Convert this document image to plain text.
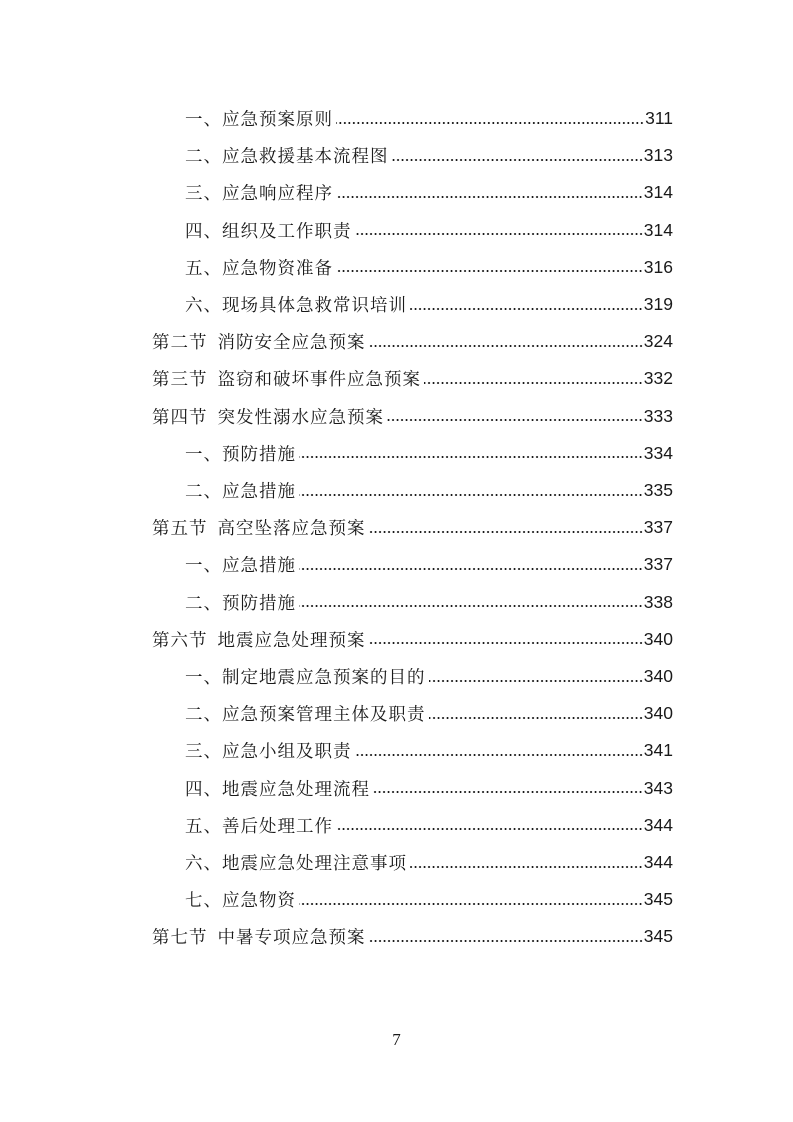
一、应急预案原则	311
二、应急救援基本流程图	313
三、应急响应程序	314
四、组织及工作职责	314
五、应急物资准备	316
六、现场具体急救常识培训	319
第二节 消防安全应急预案	324
第三节 盗窃和破坏事件应急预案	332
第四节 突发性溺水应急预案	333
一、预防措施	334
二、应急措施	335
第五节 高空坠落应急预案	337
一、应急措施	337
二、预防措施	338
第六节 地震应急处理预案	340
一、制定地震应急预案的目的	340
二、应急预案管理主体及职责	340
三、应急小组及职责	341
四、地震应急处理流程	343
五、善后处理工作	344
六、地震应急处理注意事项	344
七、应急物资	345
第七节 中暑专项应急预案	345
7
